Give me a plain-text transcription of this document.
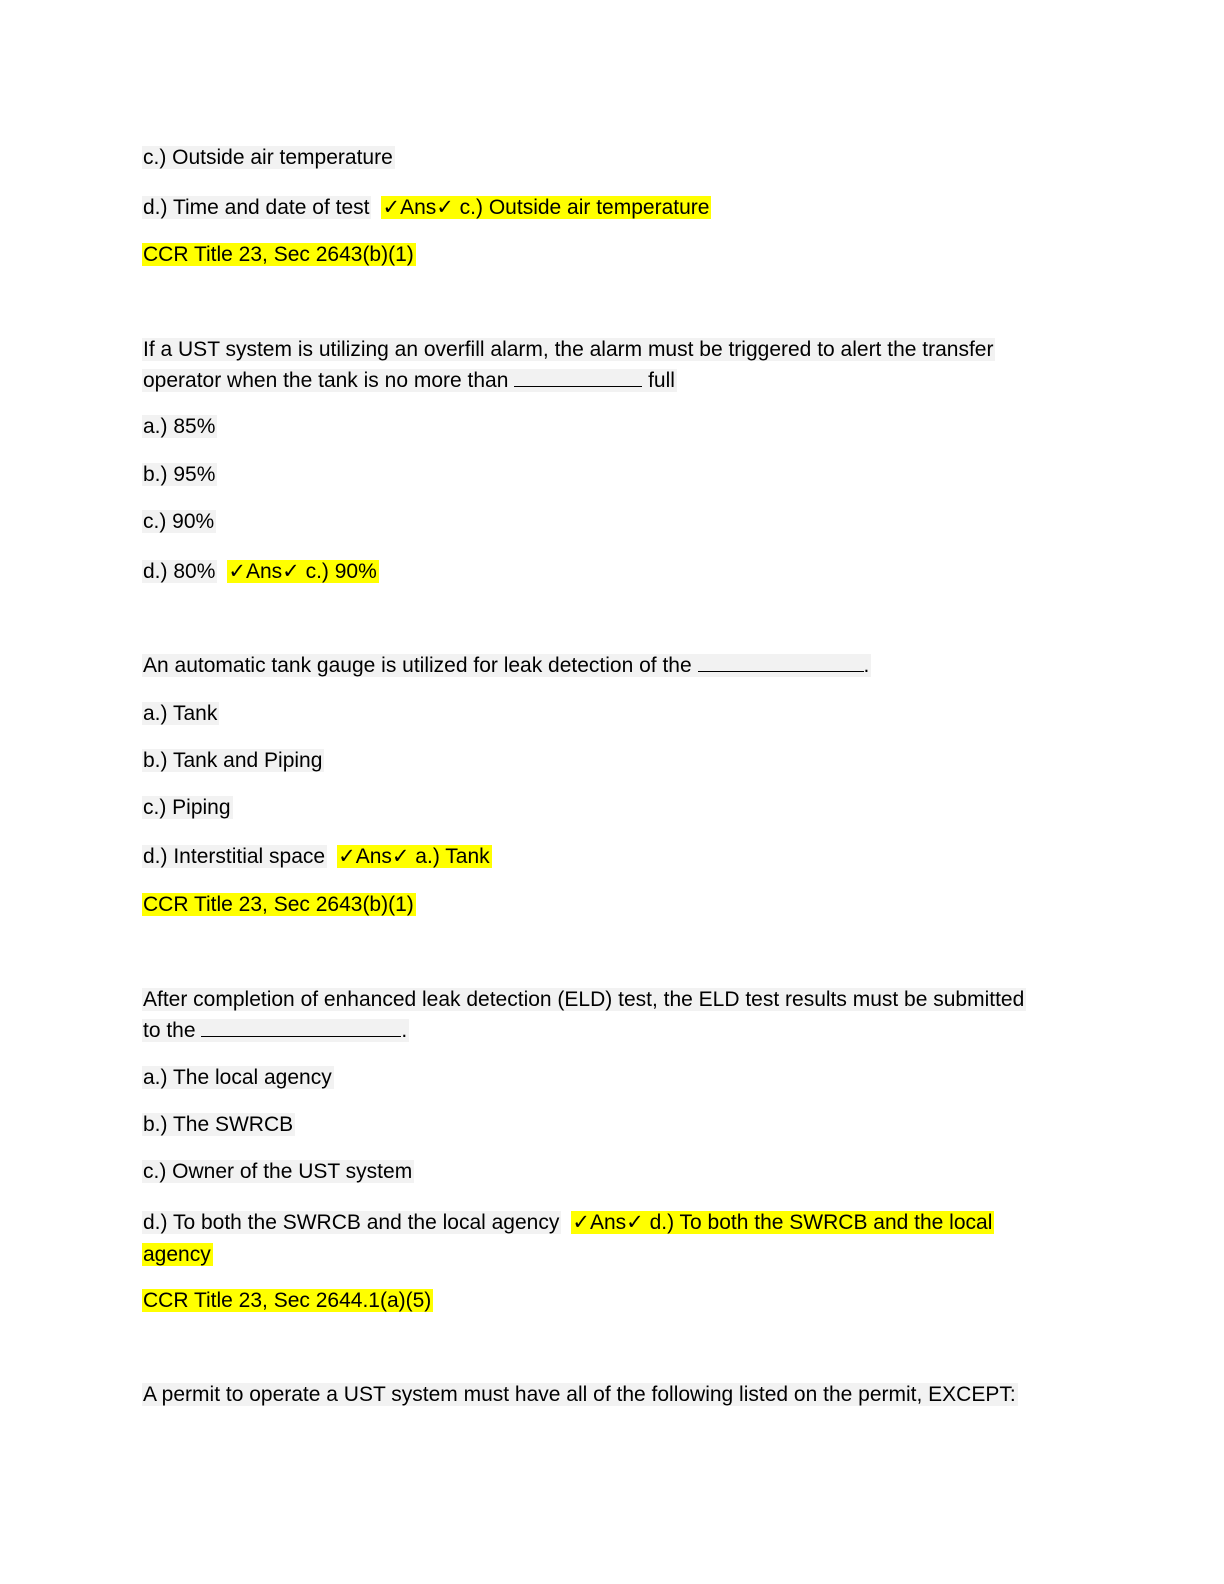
c.) Outside air temperature
d.) Time and date of test ✓Ans✓ c.) Outside air temperature
CCR Title 23, Sec 2643(b)(1)
If a UST system is utilizing an overfill alarm, the alarm must be triggered to alert the transfer
operator when the tank is no more than	full
a.) 85%
b.) 95%
c.) 90%
d.) 80% ✓Ans✓ c.) 90%
An automatic tank gauge is utilized for leak detection of the	.
a.) Tank
b.) Tank and Piping
c.) Piping
d.) Interstitial space ✓Ans✓ a.) Tank
CCR Title 23, Sec 2643(b)(1)
After completion of enhanced leak detection (ELD) test, the ELD test results must be submitted
to the	.
a.) The local agency
b.) The SWRCB
c.) Owner of the UST system
d.) To both the SWRCB and the local agency ✓Ans✓ d.) To both the SWRCB and the local
agency
CCR Title 23, Sec 2644.1(a)(5)
A permit to operate a UST system must have all of the following listed on the permit, EXCEPT:
